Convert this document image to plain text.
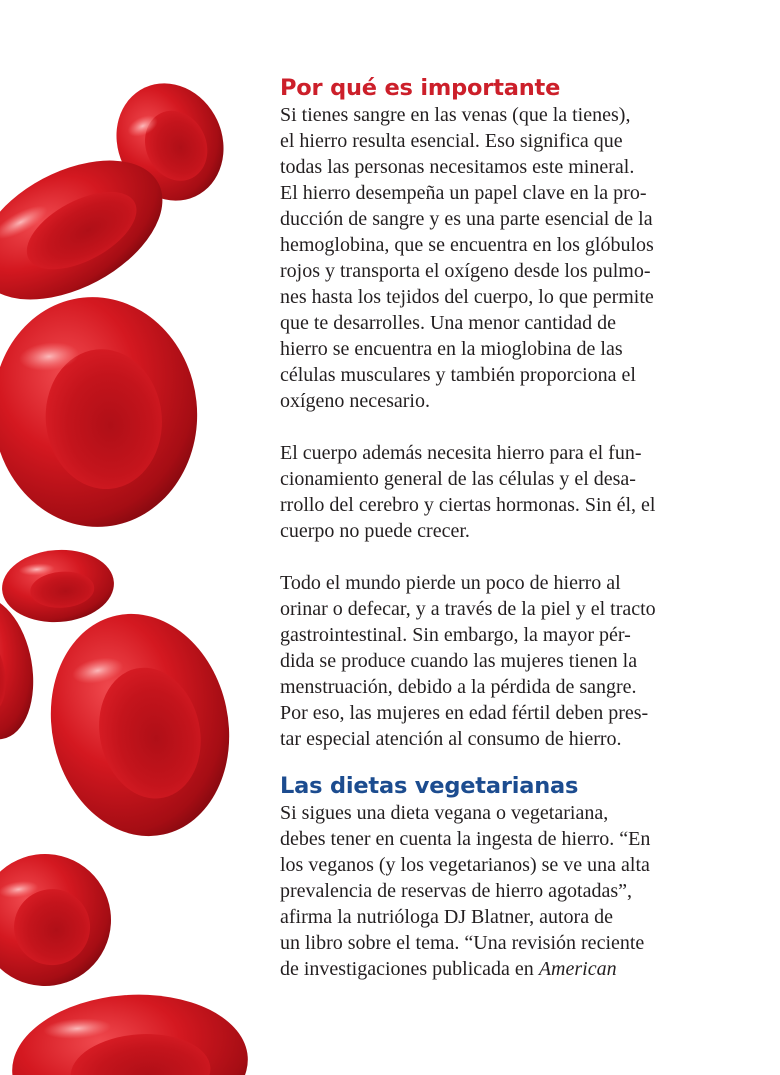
Por qué es importante
Si tienes sangre en las venas (que la tienes),
el hierro resulta esencial. Eso significa que
todas las personas necesitamos este mineral.
El hierro desempeña un papel clave en la pro-
ducción de sangre y es una parte esencial de la
hemoglobina, que se encuentra en los glóbulos
rojos y transporta el oxígeno desde los pulmo-
nes hasta los tejidos del cuerpo, lo que permite
que te desarrolles. Una menor cantidad de
hierro se encuentra en la mioglobina de las
células musculares y también proporciona el
oxígeno necesario.
El cuerpo además necesita hierro para el fun-
cionamiento general de las células y el desa-
rrollo del cerebro y ciertas hormonas. Sin él, el
cuerpo no puede crecer.
Todo el mundo pierde un poco de hierro al
orinar o defecar, y a través de la piel y el tracto
gastrointestinal. Sin embargo, la mayor pér-
dida se produce cuando las mujeres tienen la
menstruación, debido a la pérdida de sangre.
Por eso, las mujeres en edad fértil deben pres-
tar especial atención al consumo de hierro.
Las dietas vegetarianas
Si sigues una dieta vegana o vegetariana,
debes tener en cuenta la ingesta de hierro. “En
los veganos (y los vegetarianos) se ve una alta
prevalencia de reservas de hierro agotadas”,
afirma la nutrióloga DJ Blatner, autora de
un libro sobre el tema. “Una revisión reciente
de investigaciones publicada en American
